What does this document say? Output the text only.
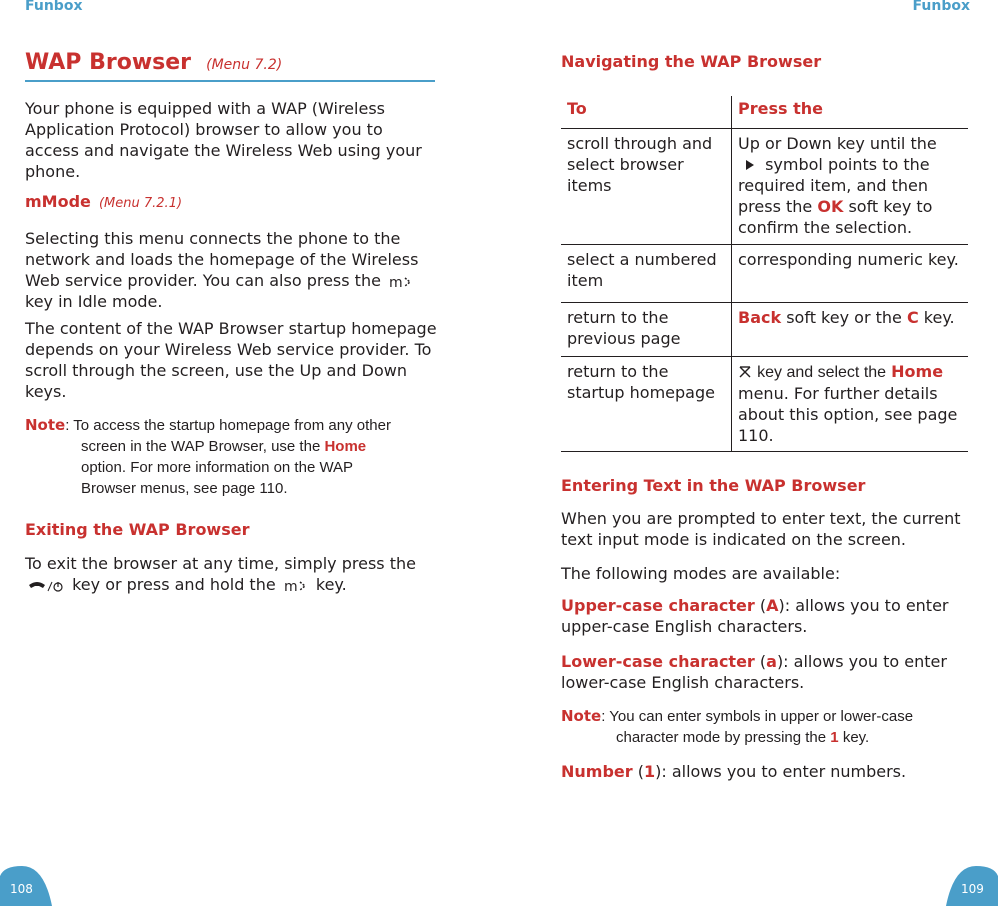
Funbox	Funbox
WAP Browser (Menu 7.2)
Your phone is equipped with a WAP (Wireless Application Protocol) browser to allow you to access and navigate the Wireless Web using your phone.
mMode (Menu 7.2.1)
Selecting this menu connects the phone to the network and loads the homepage of the Wireless Web service provider. You can also press the m
key in Idle mode.
The content of the WAP Browser startup homepage depends on your Wireless Web service provider. To scroll through the screen, use the Up and Down keys.
Note: To access the startup homepage from any other
screen in the WAP Browser, use the Home
option. For more information on the WAP
Browser menus, see page 110.
Exiting the WAP Browser
To exit the browser at any time, simply press the
key or press and hold the m key.
108
Navigating the WAP Browser
To	Press the
scroll through and select browser items	Up or Down key until the  symbol points to the required item, and then press the OK soft key to confirm the selection.
select a numbered item	corresponding numeric key.
return to the previous page	Back soft key or the C key.
return to the startup homepage	key and select the Home menu. For further details about this option, see page 110.
Entering Text in the WAP Browser
When you are prompted to enter text, the current text input mode is indicated on the screen.
The following modes are available:
Upper-case character (A): allows you to enter upper-case English characters.
Lower-case character (a): allows you to enter lower-case English characters.
Note: You can enter symbols in upper or lower-case
character mode by pressing the 1 key.
Number (1): allows you to enter numbers.
109
